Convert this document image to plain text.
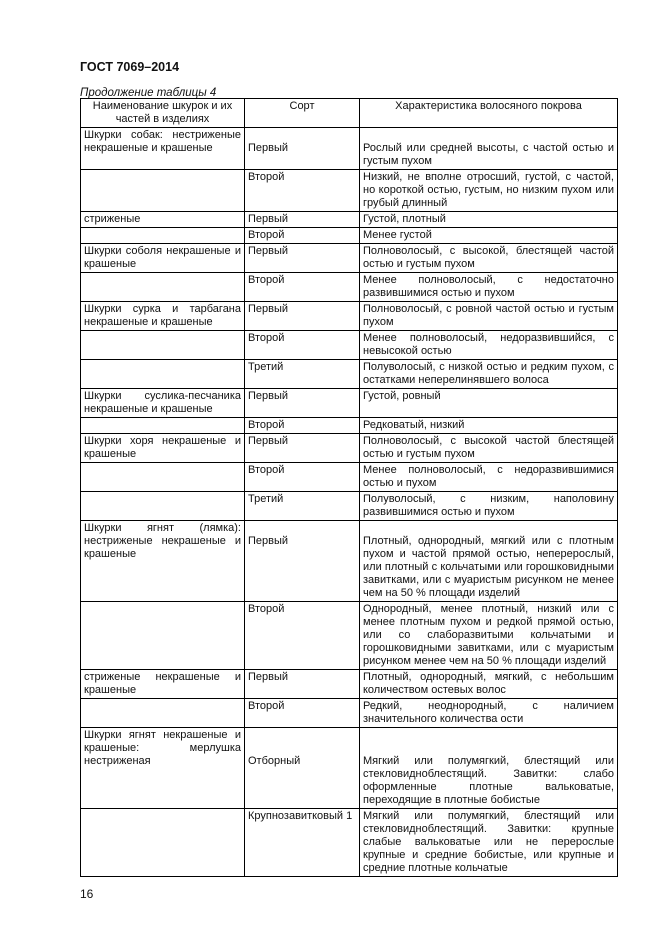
ГОСТ 7069–2014
Продолжение таблицы 4
Наименование шкурок и их частей в изделиях	Сорт	Характеристика волосяного покрова
Шкурки собак: нестриженые некрашеные и крашеные	Первый	Рослый или средней высоты, с частой остью и густым пухом

	Второй	Низкий, не вполне отросший, густой, с частой, но короткой остью, густым, но низким пухом или грубый длинный
стриженые	Первый	Густой, плотный
	Второй	Менее густой
Шкурки соболя некрашеные и крашеные	Первый	Полноволосый, с высокой, блестящей частой остью и густым пухом
	Второй	Менее полноволосый, с недостаточно развившимися остью и пухом
Шкурки сурка и тарбагана некрашеные и крашеные	Первый	Полноволосый, с ровной частой остью и густым пухом
	Второй	Менее полноволосый, недоразвившийся, с невысокой остью
	Третий	Полуволосый, с низкой остью и редким пухом, с остатками неперелинявшего волоса
Шкурки суслика-песчаника некрашеные и крашеные	Первый	Густой, ровный
	Второй	Редковатый, низкий
Шкурки хоря некрашеные и крашеные	Первый	Полноволосый, с высокой частой блестящей остью и густым пухом
	Второй	Менее полноволосый, с недоразвившимися остью и пухом
	Третий	Полуволосый, с низким, наполовину развившимися остью и пухом
Шкурки ягнят (лямка): нестриженые некрашеные и крашеные	Первый	Плотный, однородный, мягкий или с плотным пухом и частой прямой остью, неперерослый, или плотный с кольчатыми или горошковидными завитками, или с муаристым рисунком не менее чем на 50 % площади изделий

	Второй	Однородный, менее плотный, низкий или с менее плотным пухом и редкой прямой остью, или со слаборазвитыми кольчатыми и горошковидными завитками, или с муаристым рисунком менее чем на 50 % площади изделий
стриженые некрашеные и крашеные	Первый	Плотный, однородный, мягкий, с небольшим количеством остевых волос
	Второй	Редкий, неоднородный, с наличием значительного количества ости
Шкурки ягнят некрашеные и крашеные: мерлушка нестриженая	Отборный	Мягкий или полумягкий, блестящий или стекловидноблестящий. Завитки: слабо оформленные плотные вальковатые, переходящие в плотные бобистые

	Крупнозавитковый 1	Мягкий или полумягкий, блестящий или стекловидноблестящий. Завитки: крупные слабые вальковатые или не перерослые крупные и средние бобистые, или крупные и средние плотные кольчатые
16
